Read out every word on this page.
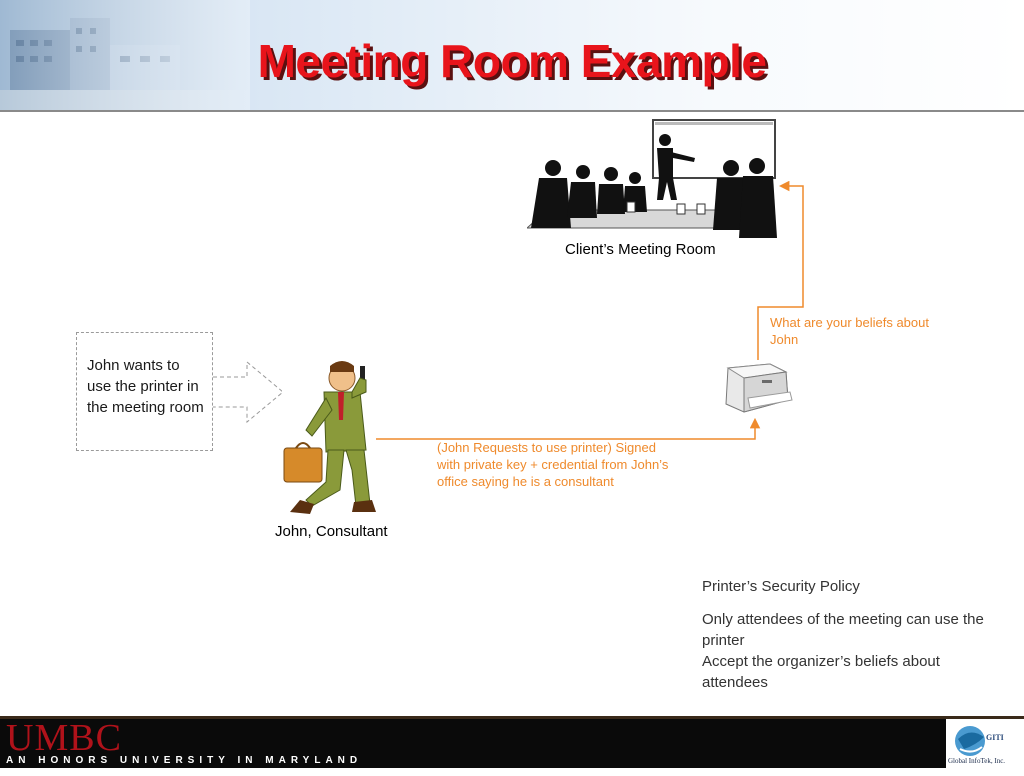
Meeting Room Example
Client’s Meeting Room
What are your beliefs about John
(John Requests to use printer) Signed with private key + credential from John’s office saying he is a consultant
John, Consultant
John wants to use the printer in the meeting room
Printer’s Security Policy
Only attendees of the meeting can use the printer
Accept the organizer’s beliefs about attendees
UMBC
AN HONORS UNIVERSITY IN MARYLAND
GITI
Global InfoTek, Inc.
